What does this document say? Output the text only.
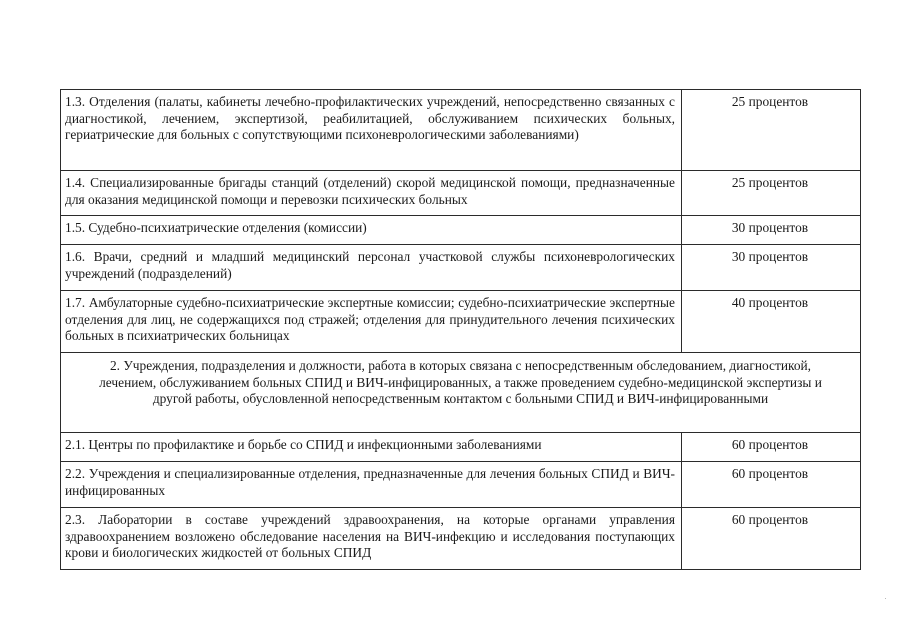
1.3. Отделения (палаты, кабинеты лечебно-профилактических учреждений, непосредственно связанных с диагностикой, лечением, экспертизой, реабилитацией, обслуживанием психических больных, гериатрические для больных с сопутствующими психоневрологическими заболеваниями)	25 процентов
1.4. Специализированные бригады станций (отделений) скорой медицинской помощи, предназначенные для оказания медицинской помощи и перевозки психических больных	25 процентов
1.5. Судебно-психиатрические отделения (комиссии)	30 процентов
1.6. Врачи, средний и младший медицинский персонал участковой службы психоневрологических учреждений (подразделений)	30 процентов
1.7. Амбулаторные судебно-психиатрические экспертные комиссии; судебно-психиатрические экспертные отделения для лиц, не содержащихся под стражей; отделения для принудительного лечения психических больных в психиатрических больницах	40 процентов
2. Учреждения, подразделения и должности, работа в которых связана с непосредственным обследованием, диагностикой, лечением, обслуживанием больных СПИД и ВИЧ-инфицированных, а также проведением судебно-медицинской экспертизы и другой работы, обусловленной непосредственным контактом с больными СПИД и ВИЧ-инфицированными	
2.1. Центры по профилактике и борьбе со СПИД и инфекционными заболеваниями	60 процентов
2.2. Учреждения и специализированные отделения, предназначенные для лечения больных СПИД и ВИЧ-инфицированных	60 процентов
2.3. Лаборатории в составе учреждений здравоохранения, на которые органами управления здравоохранением возложено обследование населения на ВИЧ-инфекцию и исследования поступающих крови и биологических жидкостей от больных СПИД	60 процентов
